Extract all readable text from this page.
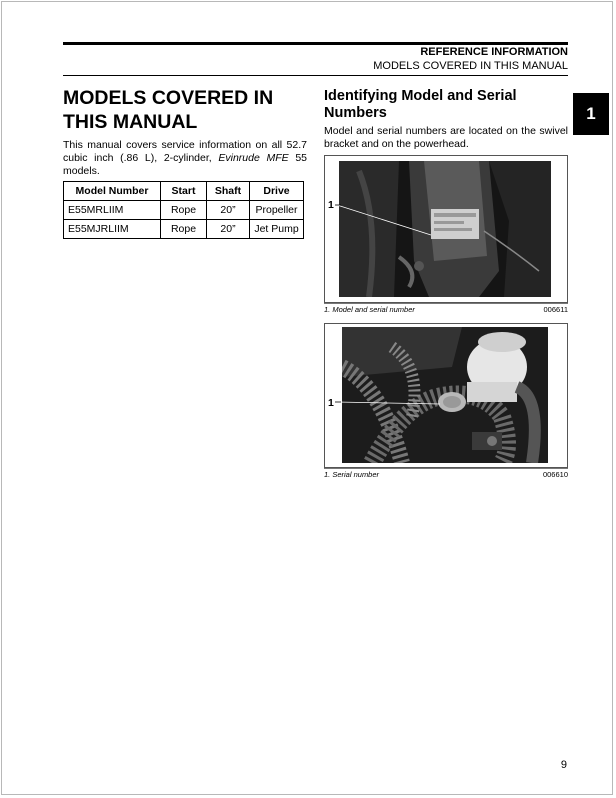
REFERENCE INFORMATION
MODELS COVERED IN THIS MANUAL
1
MODELS COVERED IN
THIS MANUAL

This manual covers service information on all 52.7 cubic inch (.86 L), 2-cylinder, Evinrude MFE 55 models.

Model Number	Start	Shaft	Drive
E55MRLIIM	Rope	20”	Propeller
E55MJRLIIM	Rope	20”	Jet Pump
Identifying Model and Serial Numbers

Model and serial numbers are located on the swivel bracket and on the powerhead.

1
1. Model and serial number	006611
1
1. Serial number	006610
9
